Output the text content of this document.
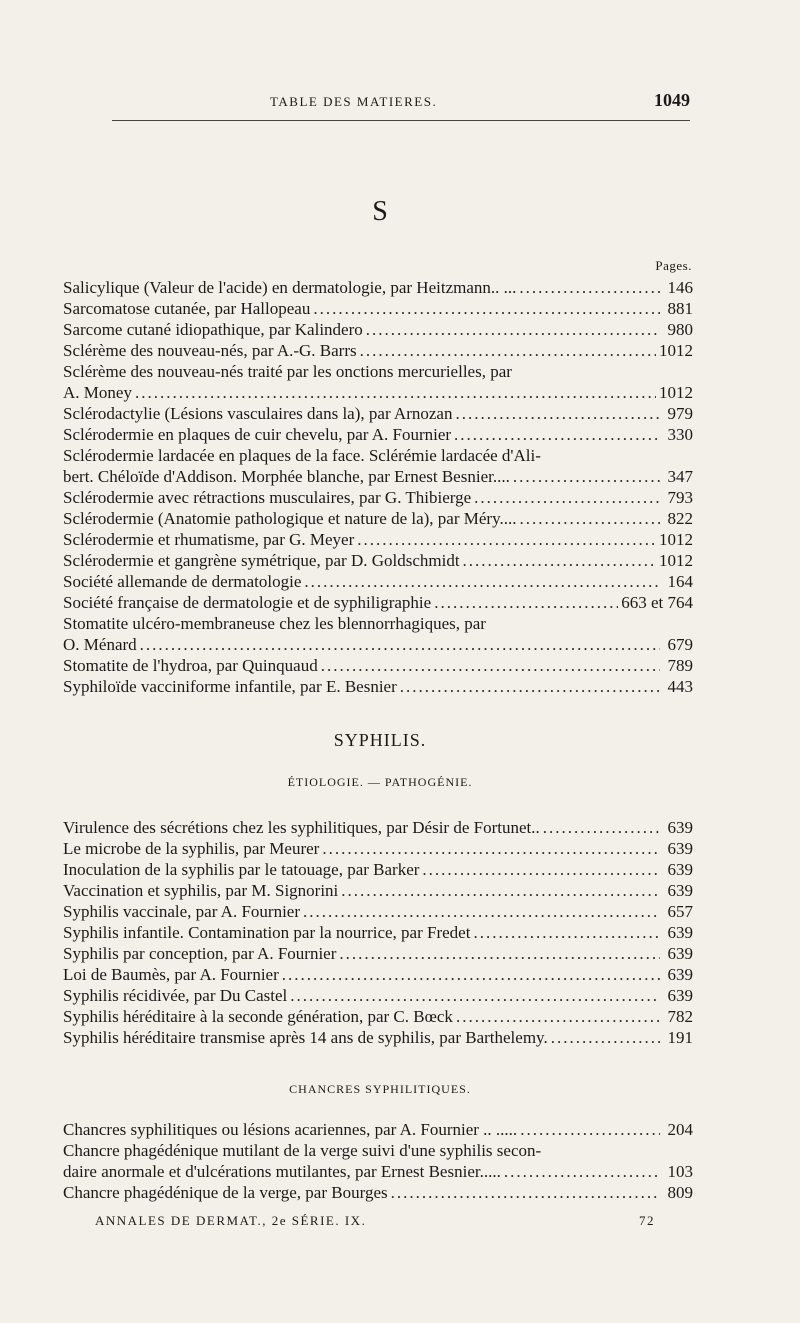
TABLE DES MATIERES.	1049
S
Pages.
Salicylique (Valeur de l'acide) en dermatologie, par Heitzmann.. ... .....	146
Sarcomatose cutanée, par Hallopeau .....	881
Sarcome cutané idiopathique, par Kalindero .....	980
Sclérème des nouveau-nés, par A.-G. Barrs .....	1012
Sclérème des nouveau-nés traité par les onctions mercurielles, par
A. Money .....	1012
Sclérodactylie (Lésions vasculaires dans la), par Arnozan .....	979
Sclérodermie en plaques de cuir chevelu, par A. Fournier .....	330
Sclérodermie lardacée en plaques de la face. Sclérémie lardacée d'Ali-
bert. Chéloïde d'Addison. Morphée blanche, par Ernest Besnier.... .....	347
Sclérodermie avec rétractions musculaires, par G. Thibierge .....	793
Sclérodermie (Anatomie pathologique et nature de la), par Méry.... .....	822
Sclérodermie et rhumatisme, par G. Meyer .....	1012
Sclérodermie et gangrène symétrique, par D. Goldschmidt .....	1012
Société allemande de dermatologie .....	164
Société française de dermatologie et de syphiligraphie .....	663 et 764
Stomatite ulcéro-membraneuse chez les blennorrhagiques, par
O. Ménard .....	679
Stomatite de l'hydroa, par Quinquaud .....	789
Syphiloïde vacciniforme infantile, par E. Besnier .....	443
SYPHILIS.
ÉTIOLOGIE. — PATHOGÉNIE.
Virulence des sécrétions chez les syphilitiques, par Désir de Fortunet.. .....	639
Le microbe de la syphilis, par Meurer .....	639
Inoculation de la syphilis par le tatouage, par Barker .....	639
Vaccination et syphilis, par M. Signorini .....	639
Syphilis vaccinale, par A. Fournier .....	657
Syphilis infantile. Contamination par la nourrice, par Fredet .....	639
Syphilis par conception, par A. Fournier .....	639
Loi de Baumès, par A. Fournier .....	639
Syphilis récidivée, par Du Castel .....	639
Syphilis héréditaire à la seconde génération, par C. Bœck .....	782
Syphilis héréditaire transmise après 14 ans de syphilis, par Barthelemy. .....	191
CHANCRES SYPHILITIQUES.
Chancres syphilitiques ou lésions acariennes, par A. Fournier .. ..... .....	204
Chancre phagédénique mutilant de la verge suivi d'une syphilis secon-
daire anormale et d'ulcérations mutilantes, par Ernest Besnier..... .....	103
Chancre phagédénique de la verge, par Bourges .....	809
ANNALES DE DERMAT., 2e SÉRIE. IX.	72
